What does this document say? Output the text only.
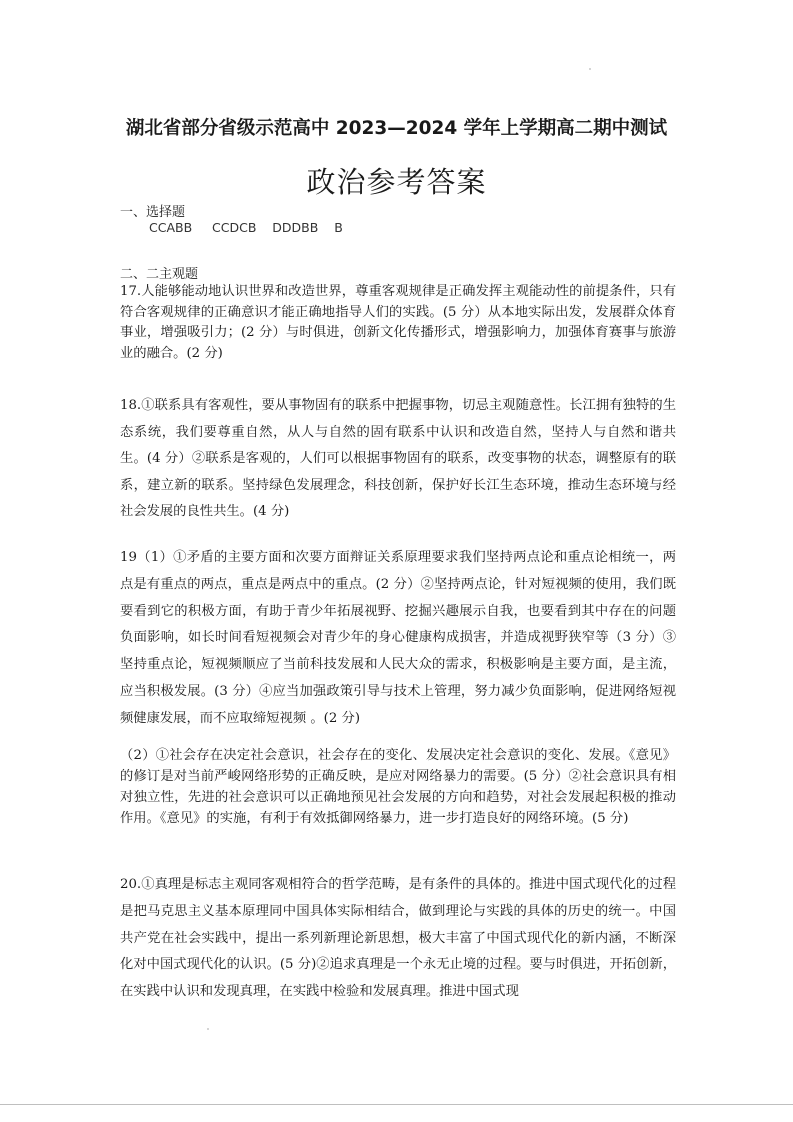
湖北省部分省级示范高中 2023—2024 学年上学期高二期中测试
政治参考答案
一、选择题
CCABB     CCDCB    DDDBB    B
二、二主观题

17.人能够能动地认识世界和改造世界，尊重客观规律是正确发挥主观能动性的前提条件，只有符合客观规律的正确意识才能正确地指导人们的实践。(5 分）从本地实际出发，发展群众体育事业，增强吸引力；(2 分）与时俱进，创新文化传播形式，增强影响力，加强体育赛事与旅游业的融合。(2 分)

18.①联系具有客观性，要从事物固有的联系中把握事物，切忌主观随意性。长江拥有独特的生态系统，我们要尊重自然，从人与自然的固有联系中认识和改造自然，坚持人与自然和谐共生。(4 分）②联系是客观的，人们可以根据事物固有的联系，改变事物的状态，调整原有的联系，建立新的联系。坚持绿色发展理念，科技创新，保护好长江生态环境，推动生态环境与经社会发展的良性共生。(4 分)

19（1）①矛盾的主要方面和次要方面辩证关系原理要求我们坚持两点论和重点论相统一，两点是有重点的两点，重点是两点中的重点。(2 分）②坚持两点论，针对短视频的使用，我们既要看到它的积极方面，有助于青少年拓展视野、挖掘兴趣展示自我，也要看到其中存在的问题负面影响，如长时间看短视频会对青少年的身心健康构成损害，并造成视野狭窄等（3 分）③坚持重点论，短视频顺应了当前科技发展和人民大众的需求，积极影响是主要方面，是主流，应当积极发展。(3 分）④应当加强政策引导与技术上管理，努力减少负面影响，促进网络短视频健康发展，而不应取缔短视频 。(2 分)

（2）①社会存在决定社会意识，社会存在的变化、发展决定社会意识的变化、发展。《意见》的修订是对当前严峻网络形势的正确反映，是应对网络暴力的需要。(5 分）②社会意识具有相对独立性，先进的社会意识可以正确地预见社会发展的方向和趋势，对社会发展起积极的推动作用。《意见》的实施，有利于有效抵御网络暴力，进一步打造良好的网络环境。(5 分)

20.①真理是标志主观同客观相符合的哲学范畴，是有条件的具体的。推进中国式现代化的过程是把马克思主义基本原理同中国具体实际相结合，做到理论与实践的具体的历史的统一。中国共产党在社会实践中，提出一系列新理论新思想，极大丰富了中国式现代化的新内涵，不断深化对中国式现代化的认识。(5 分)②追求真理是一个永无止境的过程。要与时俱进，开拓创新，在实践中认识和发现真理，在实践中检验和发展真理。推进中国式现
